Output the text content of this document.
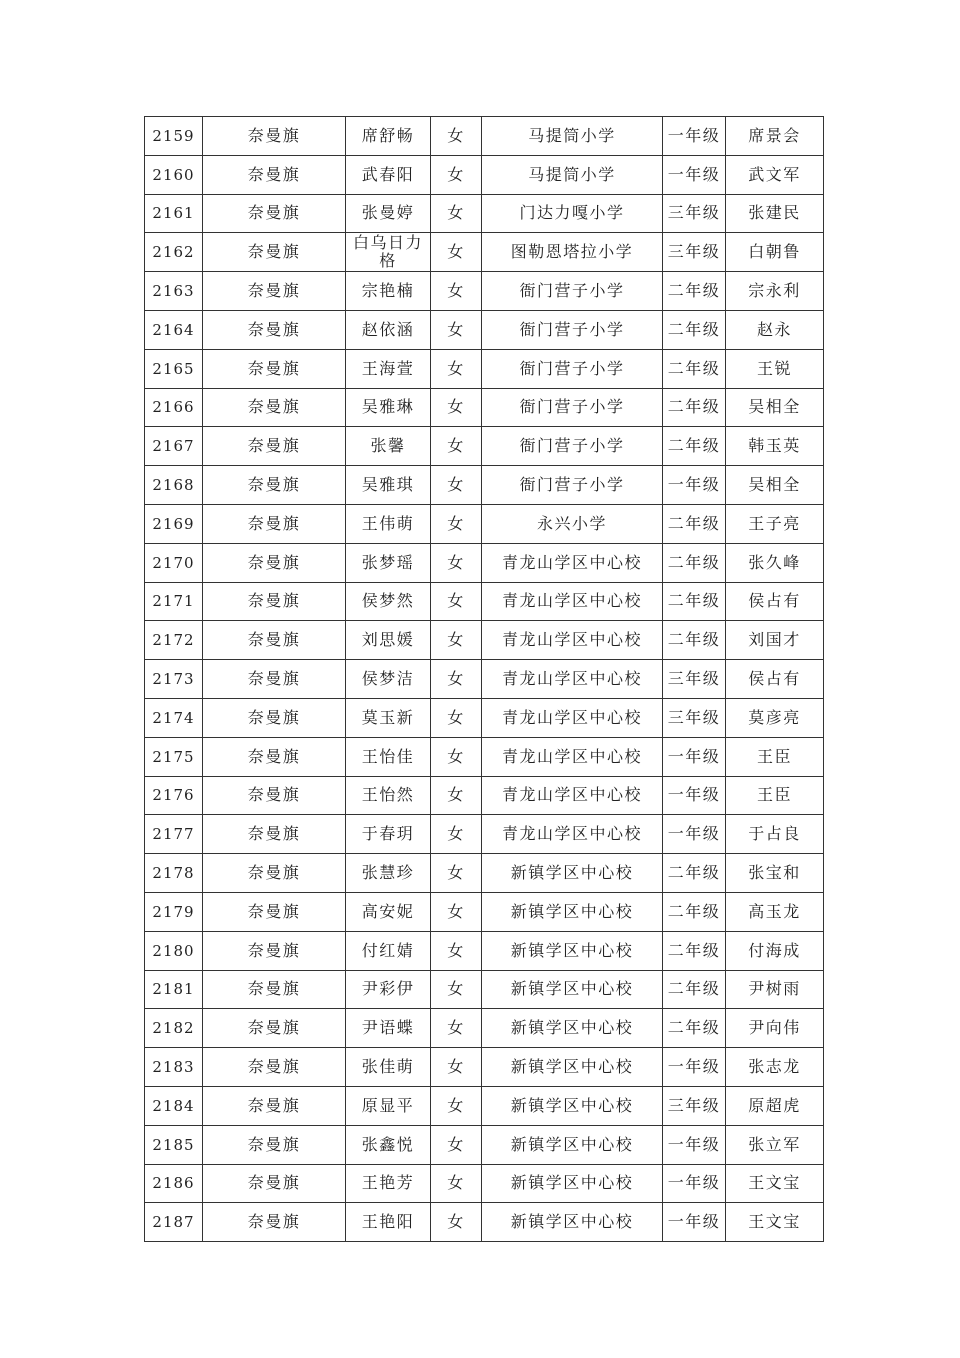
2159	奈曼旗	席舒畅	女	马提筒小学	一年级	席景会
2160	奈曼旗	武春阳	女	马提筒小学	一年级	武文军
2161	奈曼旗	张曼婷	女	门达力嘎小学	三年级	张建民
2162	奈曼旗	白乌日力格	女	图勒恩塔拉小学	三年级	白朝鲁
2163	奈曼旗	宗艳楠	女	衙门营子小学	二年级	宗永利
2164	奈曼旗	赵依涵	女	衙门营子小学	二年级	赵永
2165	奈曼旗	王海萱	女	衙门营子小学	二年级	王锐
2166	奈曼旗	吴雅琳	女	衙门营子小学	二年级	吴相全
2167	奈曼旗	张馨	女	衙门营子小学	二年级	韩玉英
2168	奈曼旗	吴雅琪	女	衙门营子小学	一年级	吴相全
2169	奈曼旗	王伟萌	女	永兴小学	二年级	王子亮
2170	奈曼旗	张梦瑶	女	青龙山学区中心校	二年级	张久峰
2171	奈曼旗	侯梦然	女	青龙山学区中心校	二年级	侯占有
2172	奈曼旗	刘思媛	女	青龙山学区中心校	二年级	刘国才
2173	奈曼旗	侯梦洁	女	青龙山学区中心校	三年级	侯占有
2174	奈曼旗	莫玉新	女	青龙山学区中心校	三年级	莫彦亮
2175	奈曼旗	王怡佳	女	青龙山学区中心校	一年级	王臣
2176	奈曼旗	王怡然	女	青龙山学区中心校	一年级	王臣
2177	奈曼旗	于春玥	女	青龙山学区中心校	一年级	于占良
2178	奈曼旗	张慧珍	女	新镇学区中心校	二年级	张宝和
2179	奈曼旗	高安妮	女	新镇学区中心校	二年级	高玉龙
2180	奈曼旗	付红婧	女	新镇学区中心校	二年级	付海成
2181	奈曼旗	尹彩伊	女	新镇学区中心校	二年级	尹树雨
2182	奈曼旗	尹语蝶	女	新镇学区中心校	二年级	尹向伟
2183	奈曼旗	张佳萌	女	新镇学区中心校	一年级	张志龙
2184	奈曼旗	原显平	女	新镇学区中心校	三年级	原超虎
2185	奈曼旗	张鑫悦	女	新镇学区中心校	一年级	张立军
2186	奈曼旗	王艳芳	女	新镇学区中心校	一年级	王文宝
2187	奈曼旗	王艳阳	女	新镇学区中心校	一年级	王文宝
